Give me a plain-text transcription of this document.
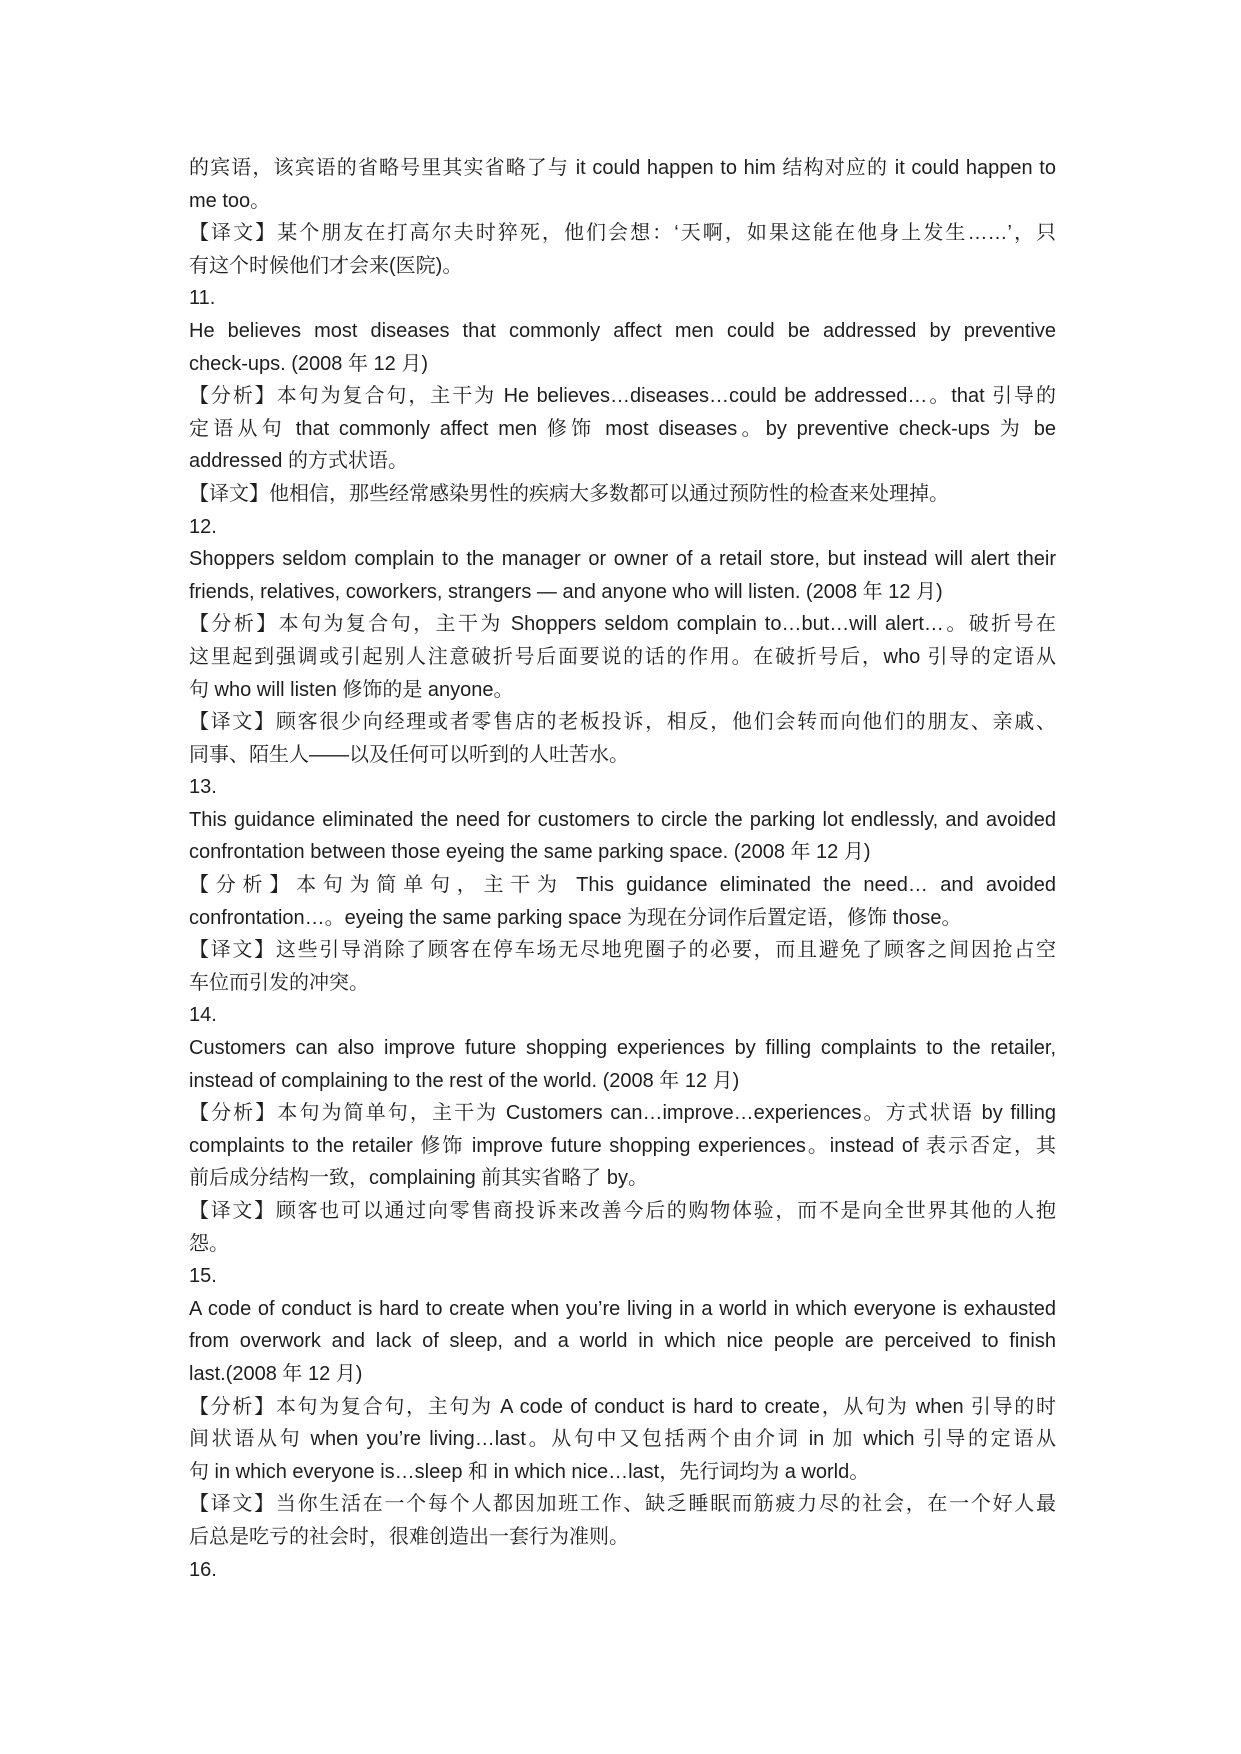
的宾语，该宾语的省略号里其实省略了与 it could happen to him 结构对应的 it could happen to
me too。
【译文】某个朋友在打高尔夫时猝死，他们会想：‘天啊，如果这能在他身上发生……’，只
有这个时候他们才会来(医院)。
11.
He believes most diseases that commonly affect men could be addressed by preventive
check-ups. (2008 年 12 月)
【分析】本句为复合句，主干为 He believes…diseases…could be addressed…。that 引导的
定语从句 that commonly affect men 修饰 most diseases。by preventive check-ups 为 be
addressed 的方式状语。
【译文】他相信，那些经常感染男性的疾病大多数都可以通过预防性的检查来处理掉。
12.
Shoppers seldom complain to the manager or owner of a retail store, but instead will alert their
friends, relatives, coworkers, strangers — and anyone who will listen. (2008 年 12 月)
【分析】本句为复合句，主干为 Shoppers seldom complain to…but…will alert…。破折号在
这里起到强调或引起别人注意破折号后面要说的话的作用。在破折号后，who 引导的定语从
句 who will listen 修饰的是 anyone。
【译文】顾客很少向经理或者零售店的老板投诉，相反，他们会转而向他们的朋友、亲戚、
同事、陌生人——以及任何可以听到的人吐苦水。
13.
This guidance eliminated the need for customers to circle the parking lot endlessly, and avoided
confrontation between those eyeing the same parking space. (2008 年 12 月)
【分析】本句为简单句，主干为 This guidance eliminated the need… and avoided
confrontation…。eyeing the same parking space 为现在分词作后置定语，修饰 those。
【译文】这些引导消除了顾客在停车场无尽地兜圈子的必要，而且避免了顾客之间因抢占空
车位而引发的冲突。
14.
Customers can also improve future shopping experiences by filling complaints to the retailer,
instead of complaining to the rest of the world. (2008 年 12 月)
【分析】本句为简单句，主干为 Customers can…improve…experiences。方式状语 by filling
complaints to the retailer 修饰 improve future shopping experiences。instead of 表示否定，其
前后成分结构一致，complaining 前其实省略了 by。
【译文】顾客也可以通过向零售商投诉来改善今后的购物体验，而不是向全世界其他的人抱
怨。
15.
A code of conduct is hard to create when you’re living in a world in which everyone is exhausted
from overwork and lack of sleep, and a world in which nice people are perceived to finish
last.(2008 年 12 月)
【分析】本句为复合句，主句为 A code of conduct is hard to create，从句为 when 引导的时
间状语从句 when you’re living…last。从句中又包括两个由介词 in 加 which 引导的定语从
句 in which everyone is…sleep 和 in which nice…last，先行词均为 a world。
【译文】当你生活在一个每个人都因加班工作、缺乏睡眠而筋疲力尽的社会，在一个好人最
后总是吃亏的社会时，很难创造出一套行为准则。
16.
